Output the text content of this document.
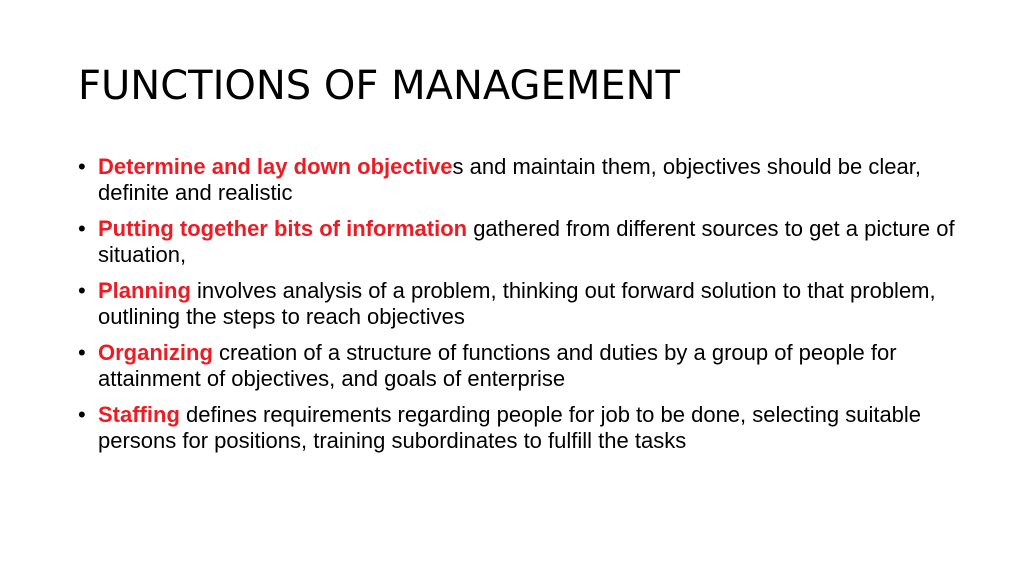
FUNCTIONS OF MANAGEMENT
• Determine and lay down objectives and maintain them, objectives should be clear, definite and realistic
• Putting together bits of information gathered from different sources to get a picture of situation,
• Planning involves analysis of a problem, thinking out forward solution to that problem, outlining the steps to reach objectives
• Organizing creation of a structure of functions and duties by a group of people for attainment of objectives, and goals of enterprise
• Staffing defines requirements regarding people for job to be done, selecting suitable persons for positions, training subordinates to fulfill the tasks
